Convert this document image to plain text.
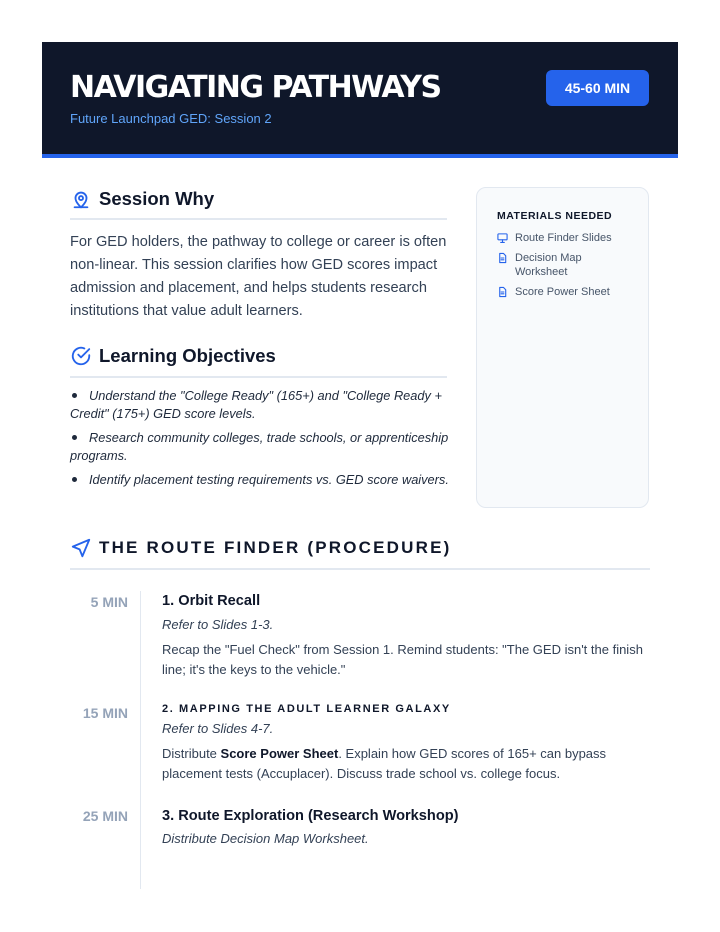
NAVIGATING PATHWAYS
Future Launchpad GED: Session 2
45-60 MIN
Session Why

For GED holders, the pathway to college or career is often non-linear. This session clarifies how GED scores impact admission and placement, and helps students research institutions that value adult learners.

Learning Objectives
Understand the "College Ready" (165+) and "College Ready + Credit" (175+) GED score levels.
Research community colleges, trade schools, or apprenticeship programs.
Identify placement testing requirements vs. GED score waivers.
MATERIALS NEEDED
Route Finder Slides
Decision Map Worksheet
Score Power Sheet
THE ROUTE FINDER (PROCEDURE)
5 MIN 1. Orbit Recall
Refer to Slides 1-3.
Recap the "Fuel Check" from Session 1. Remind students: "The GED isn't the finish line; it's the keys to the vehicle."
15 MIN	2. MAPPING THE ADULT LEARNER GALAXY
Refer to Slides 4-7.
Distribute Score Power Sheet. Explain how GED scores of 165+ can bypass placement tests (Accuplacer). Discuss trade school vs. college focus.
25 MIN 3. Route Exploration (Research Workshop)
Distribute Decision Map Worksheet.
